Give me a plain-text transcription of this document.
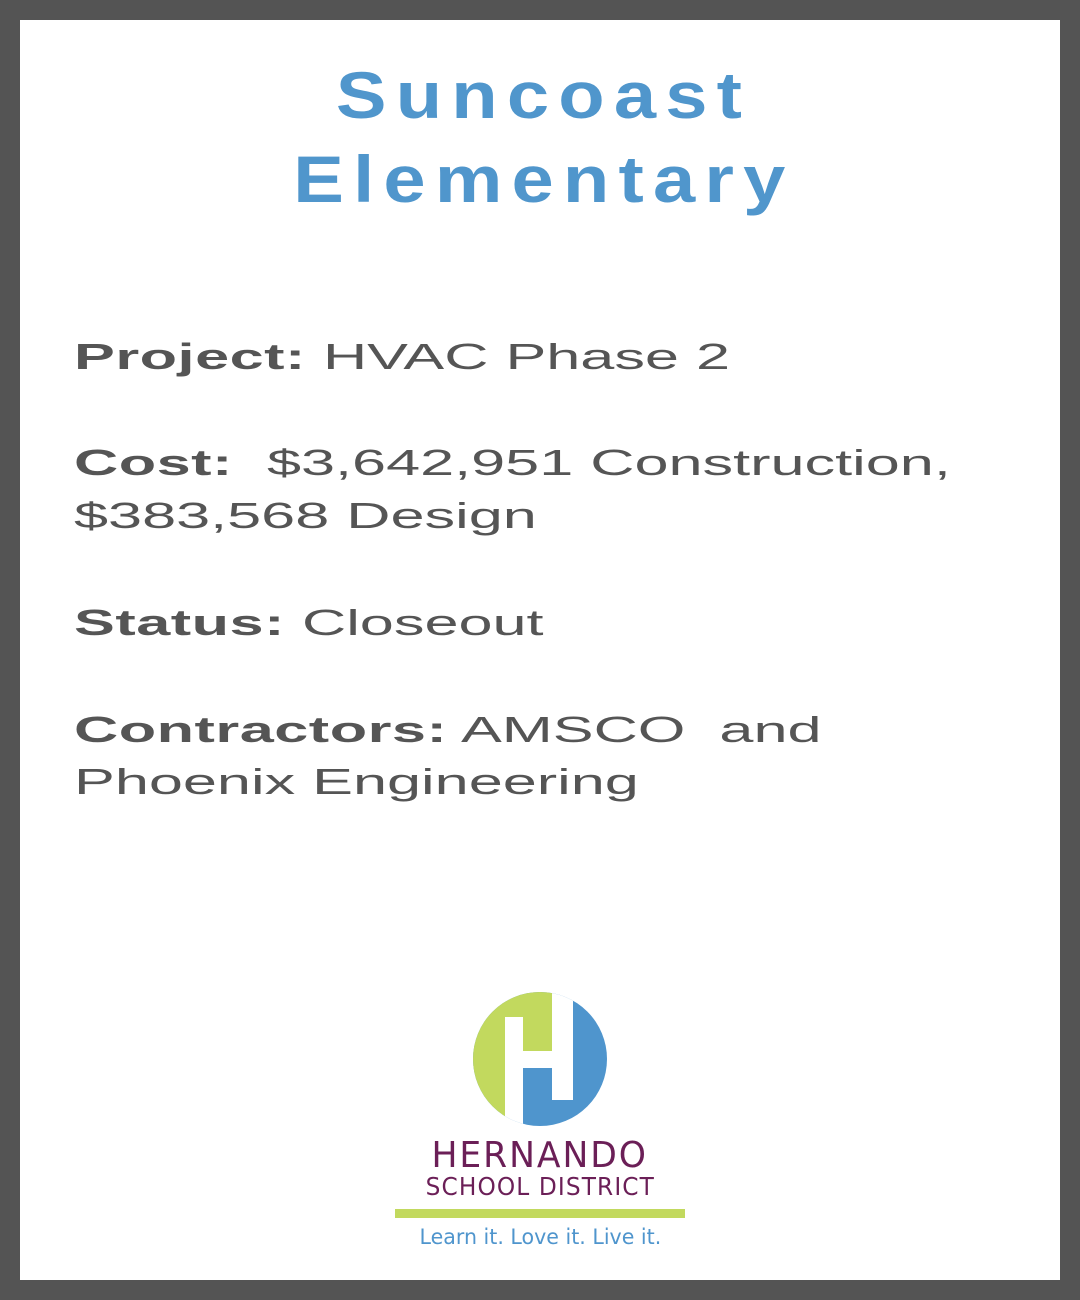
Suncoast
Elementary
Project: HVAC Phase 2
Cost:  $3,642,951 Construction,
$383,568 Design
Status: Closeout
Contractors: AMSCO  and
Phoenix Engineering
HERNANDO
SCHOOL DISTRICT
Learn it. Love it. Live it.
